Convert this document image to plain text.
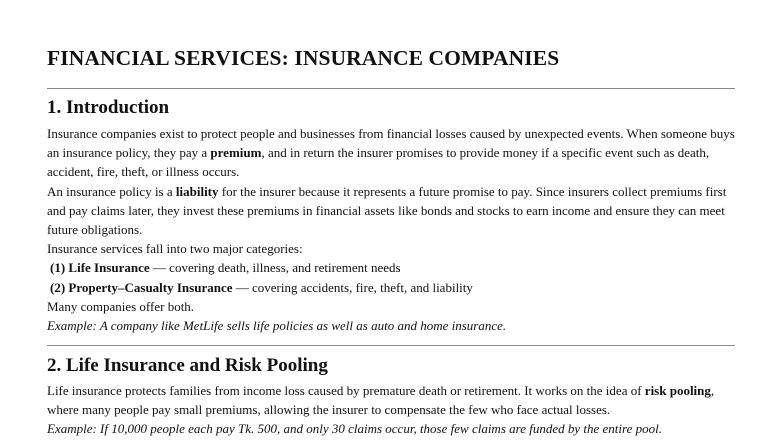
FINANCIAL SERVICES: INSURANCE COMPANIES
1. Introduction

Insurance companies exist to protect people and businesses from financial losses caused by unexpected events. When someone buys an insurance policy, they pay a premium, and in return the insurer promises to provide money if a specific event such as death, accident, fire, theft, or illness occurs.

An insurance policy is a liability for the insurer because it represents a future promise to pay. Since insurers collect premiums first and pay claims later, they invest these premiums in financial assets like bonds and stocks to earn income and ensure they can meet future obligations.

Insurance services fall into two major categories:

(1) Life Insurance — covering death, illness, and retirement needs

(2) Property–Casualty Insurance — covering accidents, fire, theft, and liability

Many companies offer both.

Example: A company like MetLife sells life policies as well as auto and home insurance.

2. Life Insurance and Risk Pooling

Life insurance protects families from income loss caused by premature death or retirement. It works on the idea of risk pooling, where many people pay small premiums, allowing the insurer to compensate the few who face actual losses.

Example: If 10,000 people each pay Tk. 500, and only 30 claims occur, those few claims are funded by the entire pool.
